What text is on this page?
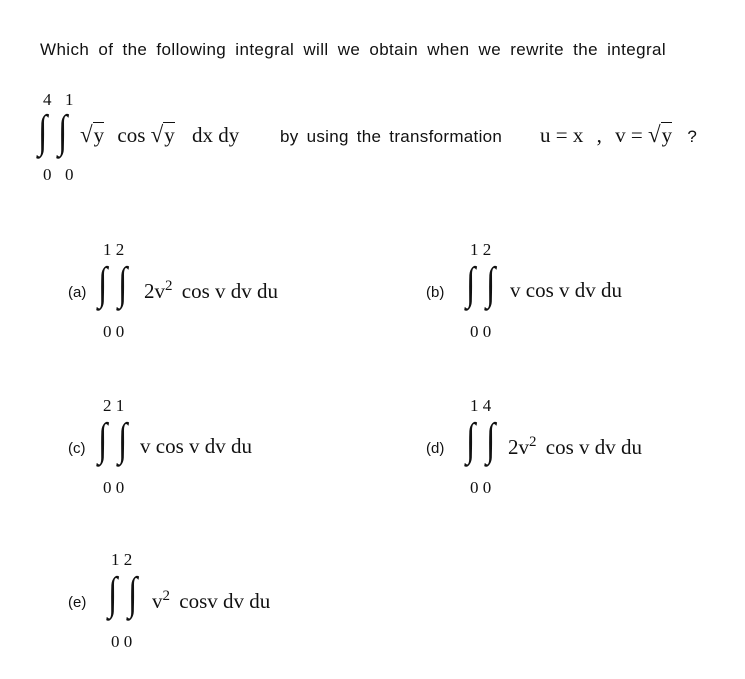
Which of the following integral will we obtain when we rewrite the integral
4 1
∫ ∫ √y cos √y dx dy
0 0
by using the transformation u = x , v = √y ?
1 2
∫ ∫
(a)	$2v^2$ cos v dv du
0 0
1 2
∫ ∫
(b)	v cos v dv du
0 0
2 1
∫ ∫
(c)	v cos v dv du
0 0
1 4
∫ ∫
(d)	$2v^2$ cos v dv du
0 0
1 2
∫ ∫
(e)	$v^2$ cosv dv du
0 0
